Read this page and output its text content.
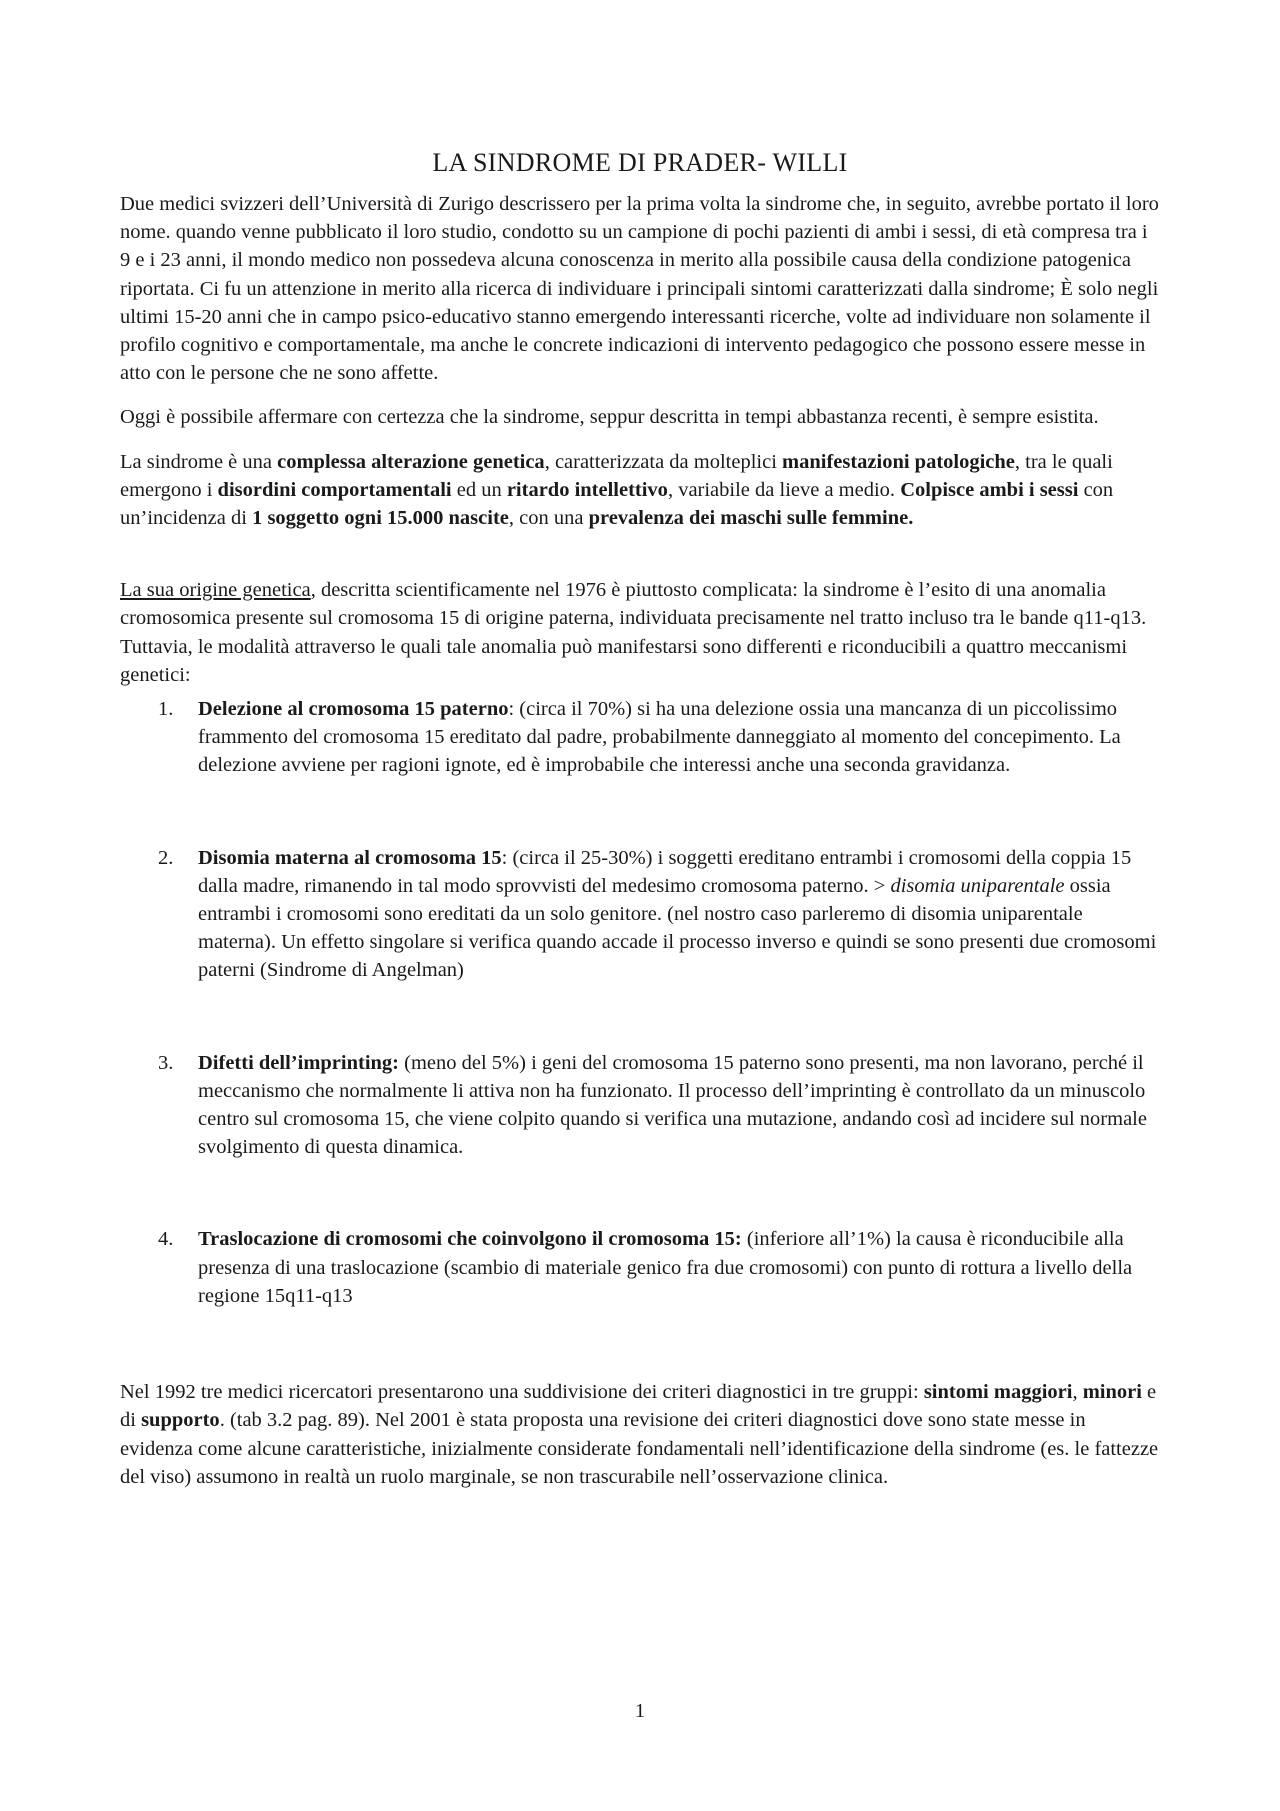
LA SINDROME DI PRADER- WILLI

Due medici svizzeri dell’Università di Zurigo descrissero per la prima volta la sindrome che, in seguito, avrebbe portato il loro nome. quando venne pubblicato il loro studio, condotto su un campione di pochi pazienti di ambi i sessi, di età compresa tra i 9 e i 23 anni, il mondo medico non possedeva alcuna conoscenza in merito alla possibile causa della condizione patogenica riportata. Ci fu un attenzione in merito alla ricerca di individuare i principali sintomi caratterizzati dalla sindrome; È solo negli ultimi 15-20 anni che in campo psico-educativo stanno emergendo interessanti ricerche, volte ad individuare non solamente il profilo cognitivo e comportamentale, ma anche le concrete indicazioni di intervento pedagogico che possono essere messe in atto con le persone che ne sono affette.

Oggi è possibile affermare con certezza che la sindrome, seppur descritta in tempi abbastanza recenti, è sempre esistita.

La sindrome è una complessa alterazione genetica, caratterizzata da molteplici manifestazioni patologiche, tra le quali emergono i disordini comportamentali ed un ritardo intellettivo, variabile da lieve a medio. Colpisce ambi i sessi con un’incidenza di 1 soggetto ogni 15.000 nascite, con una prevalenza dei maschi sulle femmine.

La sua origine genetica, descritta scientificamente nel 1976 è piuttosto complicata: la sindrome è l’esito di una anomalia cromosomica presente sul cromosoma 15 di origine paterna, individuata precisamente nel tratto incluso tra le bande q11-q13. Tuttavia, le modalità attraverso le quali tale anomalia può manifestarsi sono differenti e riconducibili a quattro meccanismi genetici:

1. Delezione al cromosoma 15 paterno: (circa il 70%) si ha una delezione ossia una mancanza di un piccolissimo frammento del cromosoma 15 ereditato dal padre, probabilmente danneggiato al momento del concepimento. La delezione avviene per ragioni ignote, ed è improbabile che interessi anche una seconda gravidanza.
2. Disomia materna al cromosoma 15: (circa il 25-30%) i soggetti ereditano entrambi i cromosomi della coppia 15 dalla madre, rimanendo in tal modo sprovvisti del medesimo cromosoma paterno. > disomia uniparentale ossia entrambi i cromosomi sono ereditati da un solo genitore. (nel nostro caso parleremo di disomia uniparentale materna). Un effetto singolare si verifica quando accade il processo inverso e quindi se sono presenti due cromosomi paterni (Sindrome di Angelman)
3. Difetti dell’imprinting: (meno del 5%) i geni del cromosoma 15 paterno sono presenti, ma non lavorano, perché il meccanismo che normalmente li attiva non ha funzionato. Il processo dell’imprinting è controllato da un minuscolo centro sul cromosoma 15, che viene colpito quando si verifica una mutazione, andando così ad incidere sul normale svolgimento di questa dinamica.
4. Traslocazione di cromosomi che coinvolgono il cromosoma 15: (inferiore all’1%) la causa è riconducibile alla presenza di una traslocazione (scambio di materiale genico fra due cromosomi) con punto di rottura a livello della regione 15q11-q13

Nel 1992 tre medici ricercatori presentarono una suddivisione dei criteri diagnostici in tre gruppi: sintomi maggiori, minori e di supporto. (tab 3.2 pag. 89). Nel 2001 è stata proposta una revisione dei criteri diagnostici dove sono state messe in evidenza come alcune caratteristiche, inizialmente considerate fondamentali nell’identificazione della sindrome (es. le fattezze del viso) assumono in realtà un ruolo marginale, se non trascurabile nell’osservazione clinica.

1
